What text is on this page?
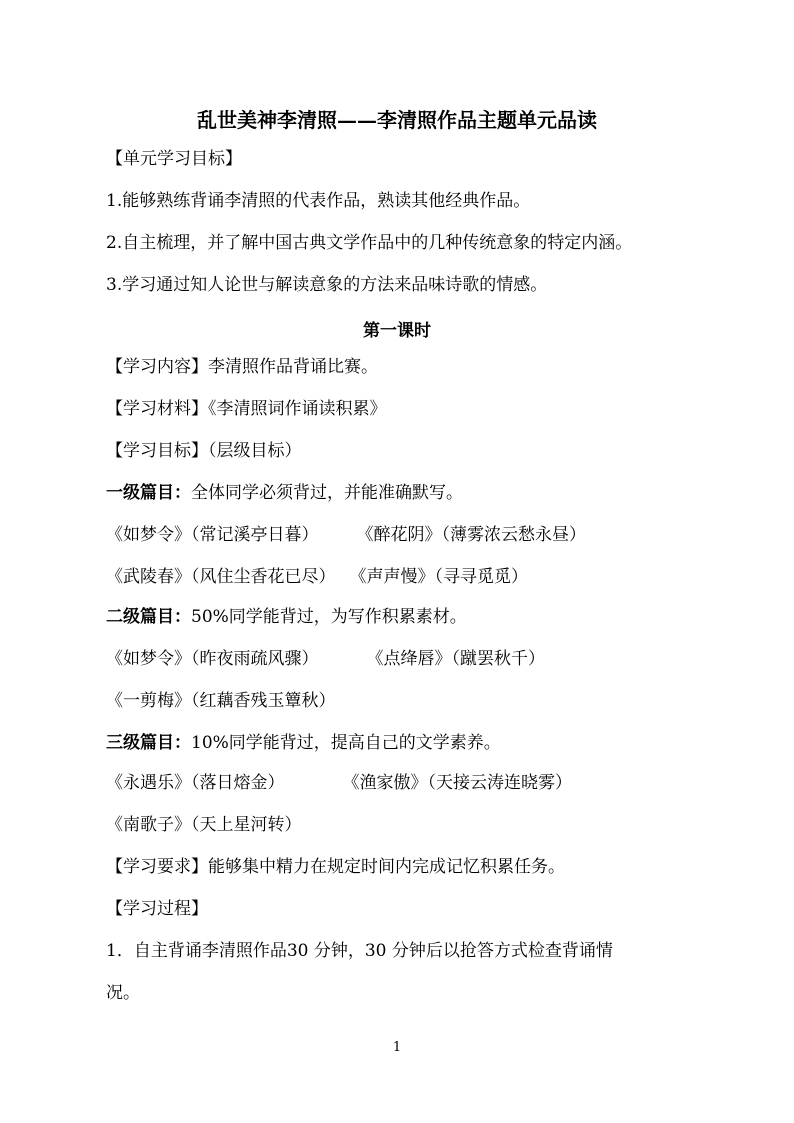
乱世美神李清照——李清照作品主题单元品读
【单元学习目标】
1.能够熟练背诵李清照的代表作品，熟读其他经典作品。
2.自主梳理，并了解中国古典文学作品中的几种传统意象的特定内涵。
3.学习通过知人论世与解读意象的方法来品味诗歌的情感。
第一课时
【学习内容】李清照作品背诵比赛。
【学习材料】《李清照词作诵读积累》
【学习目标】（层级目标）
一级篇目：全体同学必须背过，并能准确默写。
《如梦令》（常记溪亭日暮） 《醉花阴》（薄雾浓云愁永昼）
《武陵春》（风住尘香花已尽） 《声声慢》（寻寻觅觅）
二级篇目：50%同学能背过，为写作积累素材。
《如梦令》（昨夜雨疏风骤）	《点绛唇》（蹴罢秋千）
《一剪梅》（红藕香残玉簟秋）
三级篇目：10%同学能背过，提高自己的文学素养。
《永遇乐》（落日熔金）	《渔家傲》（天接云涛连晓雾）
《南歌子》（天上星河转）
【学习要求】能够集中精力在规定时间内完成记忆积累任务。
【学习过程】
1．自主背诵李清照作品30 分钟，30 分钟后以抢答方式检查背诵情
况。
1
